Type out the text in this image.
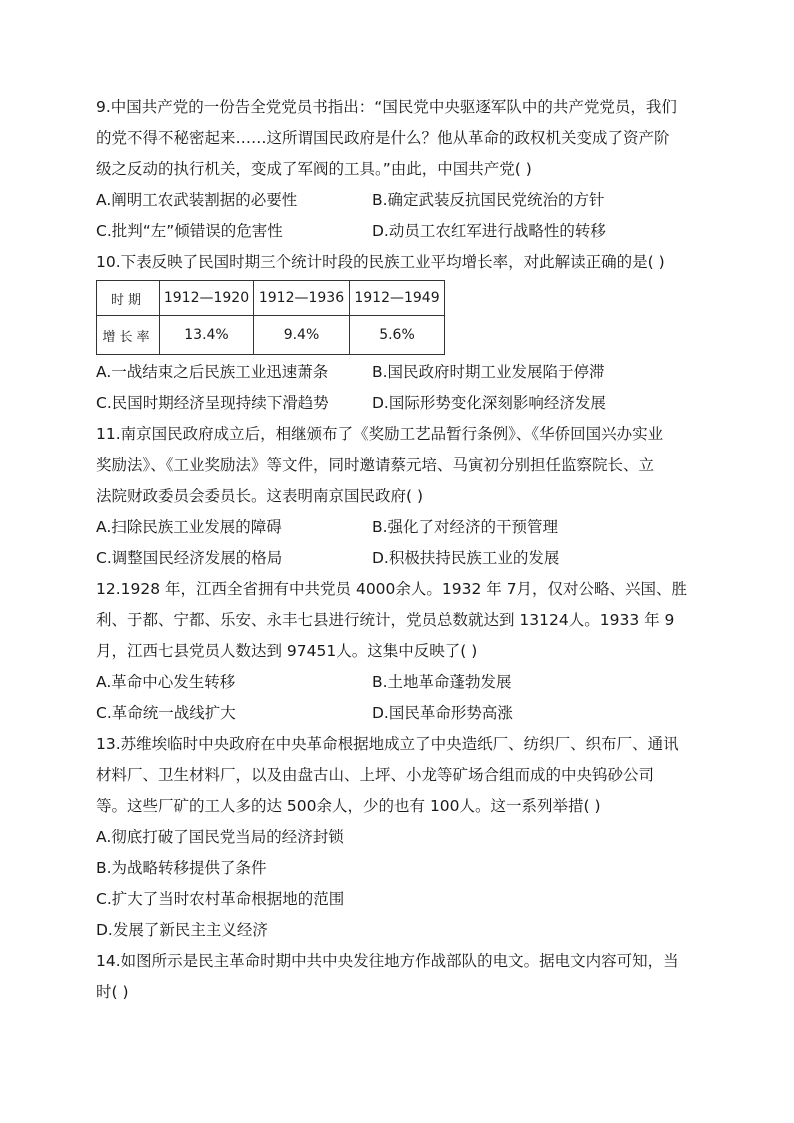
9.中国共产党的一份告全党党员书指出：“国民党中央驱逐军队中的共产党党员，我们
的党不得不秘密起来……这所谓国民政府是什么？他从革命的政权机关变成了资产阶
级之反动的执行机关，变成了军阀的工具。”由此，中国共产党( )
A.阐明工农武装割据的必要性	B.确定武装反抗国民党统治的方针
C.批判“左”倾错误的危害性	D.动员工农红军进行战略性的转移
10.下表反映了民国时期三个统计时段的民族工业平均增长率，对此解读正确的是( )
时期	1912—1920	1912—1936	1912—1949
增长率	13.4%	9.4%	5.6%
A.一战结束之后民族工业迅速萧条	B.国民政府时期工业发展陷于停滞
C.民国时期经济呈现持续下滑趋势	D.国际形势变化深刻影响经济发展
11.南京国民政府成立后，相继颁布了《奖励工艺品暂行条例》、《华侨回国兴办实业
奖励法》、《工业奖励法》等文件，同时邀请蔡元培、马寅初分别担任监察院长、立
法院财政委员会委员长。这表明南京国民政府( )
A.扫除民族工业发展的障碍	B.强化了对经济的干预管理
C.调整国民经济发展的格局	D.积极扶持民族工业的发展
12.1928 年，江西全省拥有中共党员 4000余人。1932 年 7月，仅对公略、兴国、胜
利、于都、宁都、乐安、永丰七县进行统计，党员总数就达到 13124人。1933 年 9
月，江西七县党员人数达到 97451人。这集中反映了( )
A.革命中心发生转移	B.土地革命蓬勃发展
C.革命统一战线扩大	D.国民革命形势高涨
13.苏维埃临时中央政府在中央革命根据地成立了中央造纸厂、纺织厂、织布厂、通讯
材料厂、卫生材料厂，以及由盘古山、上坪、小龙等矿场合组而成的中央钨砂公司
等。这些厂矿的工人多的达 500余人，少的也有 100人。这一系列举措( )
A.彻底打破了国民党当局的经济封锁
B.为战略转移提供了条件
C.扩大了当时农村革命根据地的范围
D.发展了新民主主义经济
14.如图所示是民主革命时期中共中央发往地方作战部队的电文。据电文内容可知，当
时( )
